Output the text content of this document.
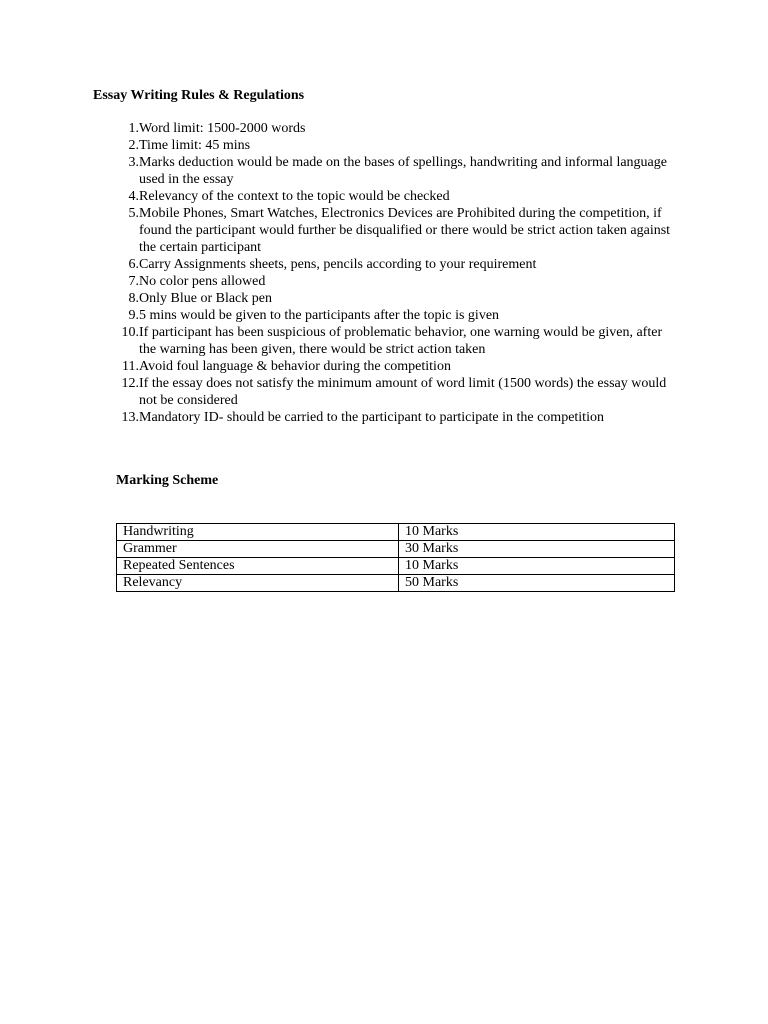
Essay Writing Rules & Regulations
1. Word limit: 1500-2000 words
2. Time limit: 45 mins
3. Marks deduction would be made on the bases of spellings, handwriting and informal language used in the essay
4. Relevancy of the context to the topic would be checked
5. Mobile Phones, Smart Watches, Electronics Devices are Prohibited during the competition, if found the participant would further be disqualified or there would be strict action taken against the certain participant
6. Carry Assignments sheets, pens, pencils according to your requirement
7. No color pens allowed
8. Only Blue or Black pen
9. 5 mins would be given to the participants after the topic is given
10. If participant has been suspicious of problematic behavior, one warning would be given, after the warning has been given, there would be strict action taken
11. Avoid foul language & behavior during the competition
12. If the essay does not satisfy the minimum amount of word limit (1500 words) the essay would not be considered
13. Mandatory ID- should be carried to the participant to participate in the competition
Marking Scheme
Handwriting	10 Marks
Grammer	30 Marks
Repeated Sentences	10 Marks
Relevancy	50 Marks
